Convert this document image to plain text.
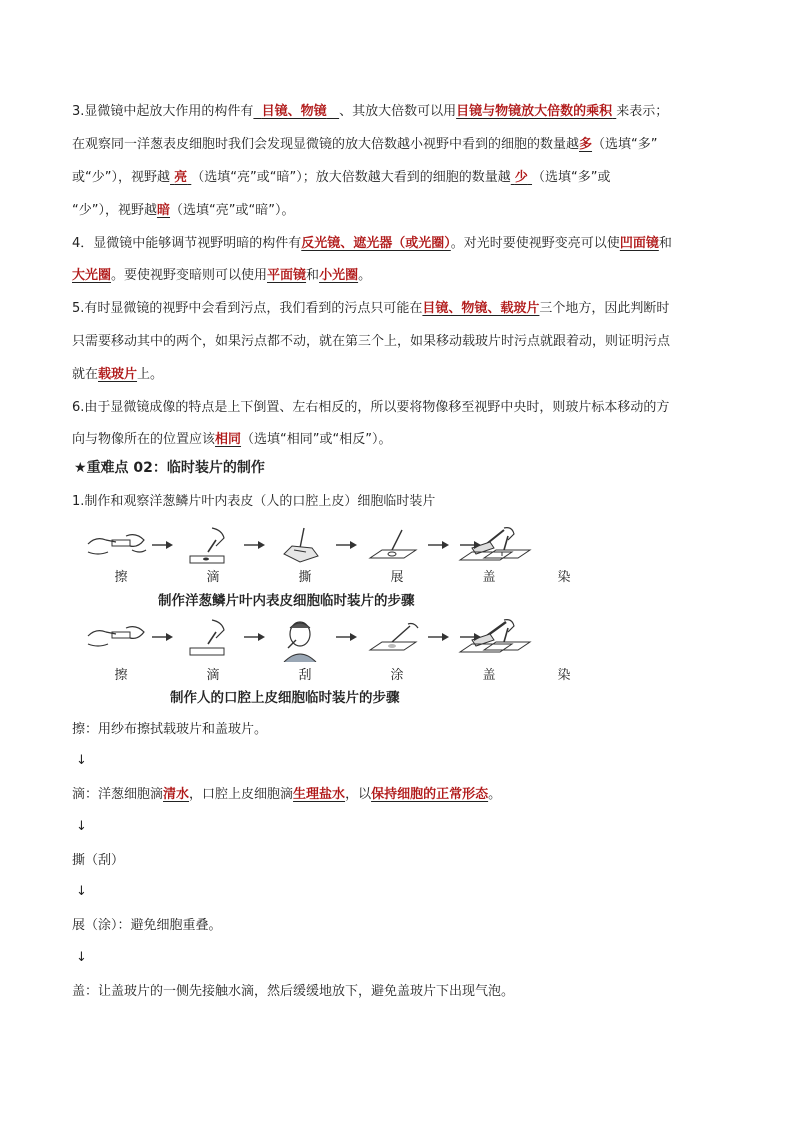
3.显微镜中起放大作用的构件有 目镜、物镜 、其放大倍数可以用目镜与物镜放大倍数的乘积 来表示；
在观察同一洋葱表皮细胞时我们会发现显微镜的放大倍数越小视野中看到的细胞的数量越多（选填“多”
或“少”），视野越 亮 （选填“亮”或“暗”）；放大倍数越大看到的细胞的数量越 少 （选填“多”或
“少”），视野越暗（选填“亮”或“暗”）。
4．显微镜中能够调节视野明暗的构件有反光镜、遮光器（或光圈）。对光时要使视野变亮可以使凹面镜和
大光圈。要使视野变暗则可以使用平面镜和小光圈。
5.有时显微镜的视野中会看到污点，我们看到的污点只可能在目镜、物镜、载玻片三个地方，因此判断时
只需要移动其中的两个，如果污点都不动，就在第三个上，如果移动载玻片时污点就跟着动，则证明污点
就在载玻片上。
6.由于显微镜成像的特点是上下倒置、左右相反的，所以要将物像移至视野中央时，则玻片标本移动的方
向与物像所在的位置应该相同（选填“相同”或“相反”）。
★重难点 02：临时装片的制作
1.制作和观察洋葱鳞片叶内表皮（人的口腔上皮）细胞临时装片
擦	滴	撕	展	盖	染
制作洋葱鳞片叶内表皮细胞临时装片的步骤
擦	滴	刮	涂	盖	染
制作人的口腔上皮细胞临时装片的步骤
擦：用纱布擦拭载玻片和盖玻片。
↓
滴：洋葱细胞滴清水，口腔上皮细胞滴生理盐水，以保持细胞的正常形态。
↓
撕（刮）
↓
展（涂）：避免细胞重叠。
↓
盖：让盖玻片的一侧先接触水滴，然后缓缓地放下，避免盖玻片下出现气泡。
